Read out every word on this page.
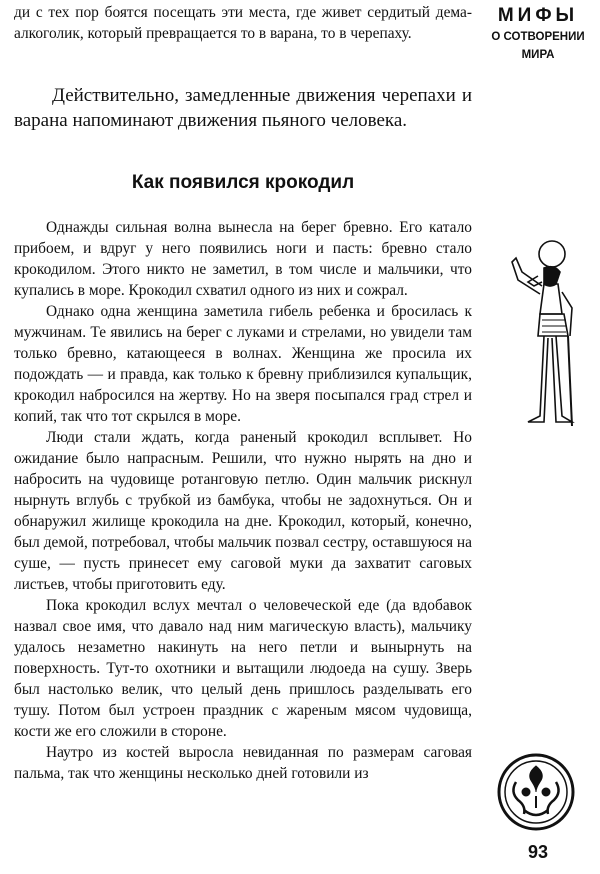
ди с тех пор боятся посещать эти места, где живет сердитый дема-алкоголик, который превращается то в варана, то в черепаху.

Действительно, замедленные движения черепахи и варана напоминают движения пьяного человека.

Как появился крокодил

Однажды сильная волна вынесла на берег бревно. Его катало прибоем, и вдруг у него появились ноги и пасть: бревно стало крокодилом. Этого никто не заметил, в том числе и мальчики, что купались в море. Крокодил схватил одного из них и сожрал.

Однако одна женщина заметила гибель ребенка и бросилась к мужчинам. Те явились на берег с луками и стрелами, но увидели там только бревно, катающееся в волнах. Женщина же просила их подождать — и правда, как только к бревну приблизился купальщик, крокодил набросился на жертву. Но на зверя посыпался град стрел и копий, так что тот скрылся в море.

Люди стали ждать, когда раненый крокодил всплывет. Но ожидание было напрасным. Решили, что нужно нырять на дно и набросить на чудовище ротанговую петлю. Один мальчик рискнул нырнуть вглубь с трубкой из бамбука, чтобы не задохнуться. Он и обнаружил жилище крокодила на дне. Крокодил, который, конечно, был демой, потребовал, чтобы мальчик позвал сестру, оставшуюся на суше, — пусть принесет ему саговой муки да захватит саговых листьев, чтобы приготовить еду.

Пока крокодил вслух мечтал о человеческой еде (да вдобавок назвал свое имя, что давало над ним магическую власть), мальчику удалось незаметно накинуть на него петли и вынырнуть на поверхность. Тут-то охотники и вытащили людоеда на сушу. Зверь был настолько велик, что целый день пришлось разделывать его тушу. Потом был устроен праздник с жареным мясом чудовища, кости же его сложили в стороне.

Наутро из костей выросла невиданная по размерам саговая пальма, так что женщины несколько дней готовили из

МИФЫ
О СОТВОРЕНИИ
МИРА
93
